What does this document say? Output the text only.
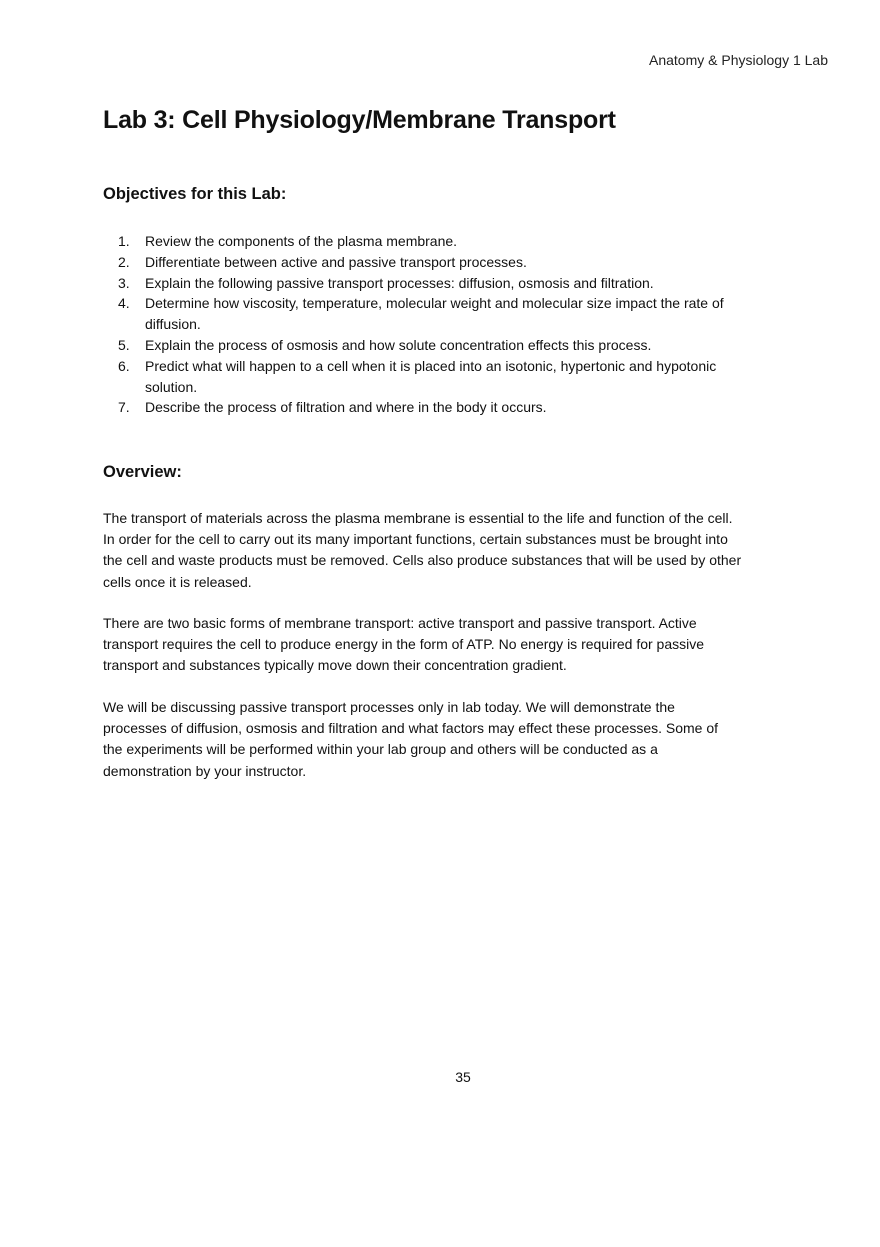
Anatomy & Physiology 1 Lab
Lab 3: Cell Physiology/Membrane Transport
Objectives for this Lab:
1. Review the components of the plasma membrane.
2. Differentiate between active and passive transport processes.
3. Explain the following passive transport processes: diffusion, osmosis and filtration.
4. Determine how viscosity, temperature, molecular weight and molecular size impact the rate of
diffusion.
5. Explain the process of osmosis and how solute concentration effects this process.
6. Predict what will happen to a cell when it is placed into an isotonic, hypertonic and hypotonic
solution.
7. Describe the process of filtration and where in the body it occurs.
Overview:

The transport of materials across the plasma membrane is essential to the life and function of the cell.
In order for the cell to carry out its many important functions, certain substances must be brought into
the cell and waste products must be removed. Cells also produce substances that will be used by other
cells once it is released.

There are two basic forms of membrane transport: active transport and passive transport. Active
transport requires the cell to produce energy in the form of ATP. No energy is required for passive
transport and substances typically move down their concentration gradient.

We will be discussing passive transport processes only in lab today. We will demonstrate the
processes of diffusion, osmosis and filtration and what factors may effect these processes. Some of
the experiments will be performed within your lab group and others will be conducted as a
demonstration by your instructor.

35
